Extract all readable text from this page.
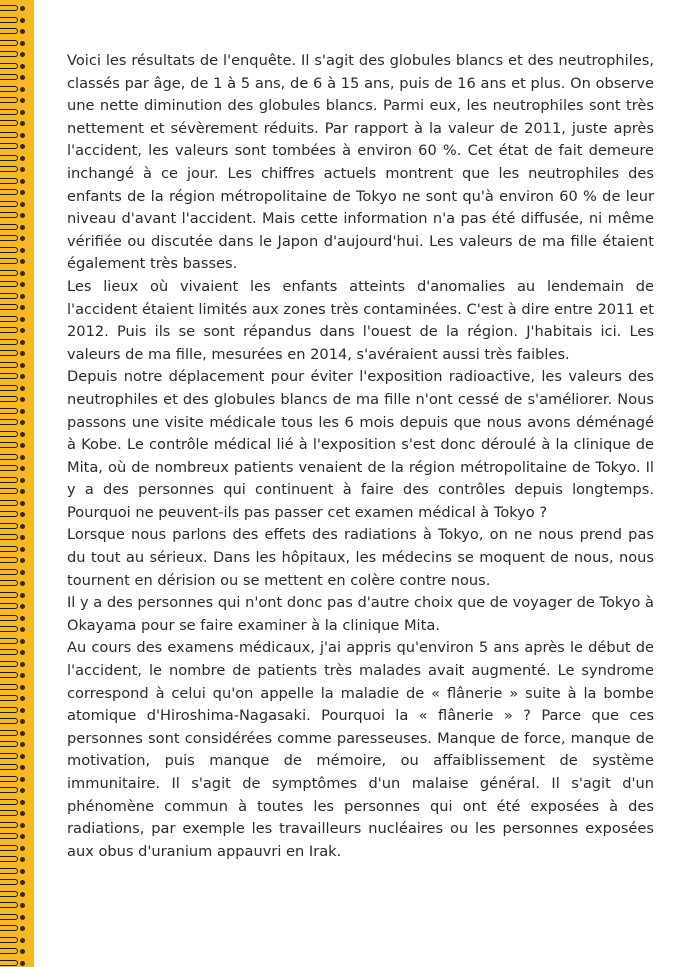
Voici les résultats de l'enquête. Il s'agit des globules blancs et des neutrophiles, classés par âge, de 1 à 5 ans, de 6 à 15 ans, puis de 16 ans et plus. On observe une nette diminution des globules blancs. Parmi eux, les neutrophiles sont très nettement et sévèrement réduits. Par rapport à la valeur de 2011, juste après l'accident, les valeurs sont tombées à environ 60 %. Cet état de fait demeure inchangé à ce jour. Les chiffres actuels montrent que les neutrophiles des enfants de la région métropolitaine de Tokyo ne sont qu'à environ 60 % de leur niveau d'avant l'accident. Mais cette information n'a pas été diffusée, ni même vérifiée ou discutée dans le Japon d'aujourd'hui. Les valeurs de ma fille étaient également très basses.

Les lieux où vivaient les enfants atteints d'anomalies au lendemain de l'accident étaient limités aux zones très contaminées. C'est à dire entre 2011 et 2012. Puis ils se sont répandus dans l'ouest de la région. J'habitais ici. Les valeurs de ma fille, mesurées en 2014, s'avéraient aussi très faibles.

Depuis notre déplacement pour éviter l'exposition radioactive, les valeurs des neutrophiles et des globules blancs de ma fille n'ont cessé de s'améliorer. Nous passons une visite médicale tous les 6 mois depuis que nous avons déménagé à Kobe. Le contrôle médical lié à l'exposition s'est donc déroulé à la clinique de Mita, où de nombreux patients venaient de la région métropolitaine de Tokyo. Il y a des personnes qui continuent à faire des contrôles depuis longtemps. Pourquoi ne peuvent-ils pas passer cet examen médical à Tokyo ?

Lorsque nous parlons des effets des radiations à Tokyo, on ne nous prend pas du tout au sérieux. Dans les hôpitaux, les médecins se moquent de nous, nous tournent en dérision ou se mettent en colère contre nous.

Il y a des personnes qui n'ont donc pas d'autre choix que de voyager de Tokyo à Okayama pour se faire examiner à la clinique Mita.

Au cours des examens médicaux, j'ai appris qu'environ 5 ans après le début de l'accident, le nombre de patients très malades avait augmenté. Le syndrome correspond à celui qu'on appelle la maladie de « flânerie » suite à la bombe atomique d'Hiroshima-Nagasaki. Pourquoi la « flânerie » ? Parce que ces personnes sont considérées comme paresseuses. Manque de force, manque de motivation, puis manque de mémoire, ou affaiblissement de système immunitaire. Il s'agit de symptômes d'un malaise général. Il s'agit d'un phénomène commun à toutes les personnes qui ont été exposées à des radiations, par exemple les travailleurs nucléaires ou les personnes exposées aux obus d'uranium appauvri en Irak.
